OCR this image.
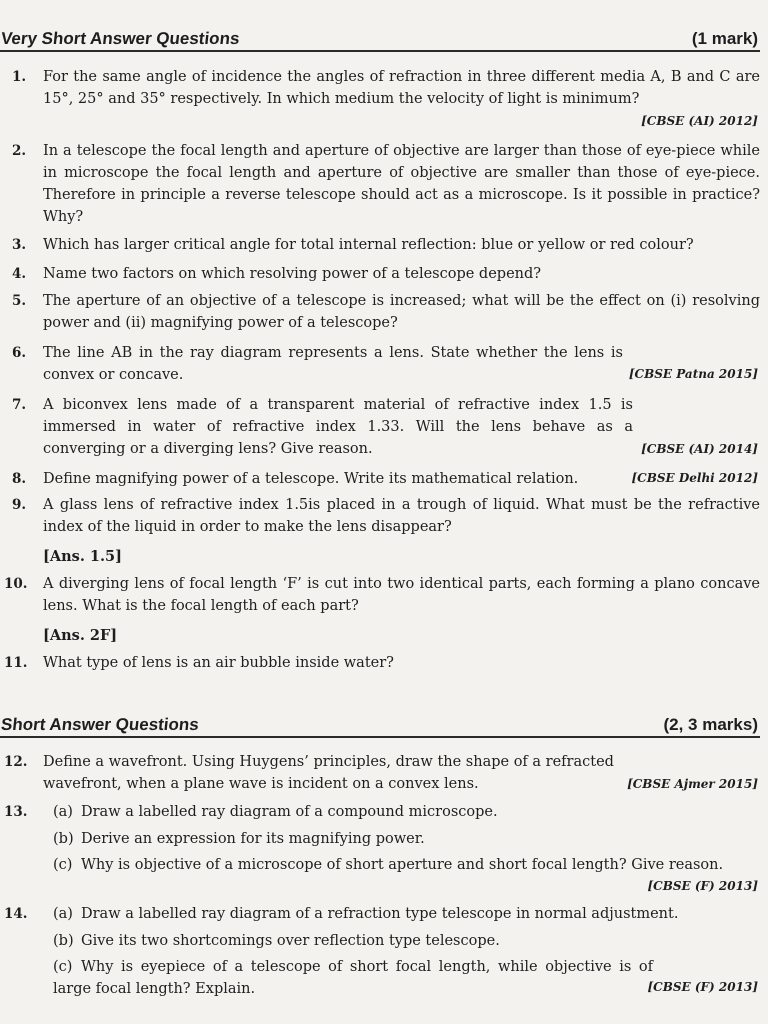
Very Short Answer Questions	(1 mark)
1. For the same angle of incidence the angles of refraction in three different media A, B and C are 15°, 25° and 35° respectively. In which medium the velocity of light is minimum?
[CBSE (AI) 2012]
2. In a telescope the focal length and aperture of objective are larger than those of eye-piece while in microscope the focal length and aperture of objective are smaller than those of eye-piece. Therefore in principle a reverse telescope should act as a microscope. Is it possible in practice? Why?
3. Which has larger critical angle for total internal reflection: blue or yellow or red colour?
4. Name two factors on which resolving power of a telescope depend?
5. The aperture of an objective of a telescope is increased; what will be the effect on (i) resolving power and (ii) magnifying power of a telescope?
6. The line AB in the ray diagram represents a lens. State whether the lens is convex or concave.	[CBSE Patna 2015]
7. A biconvex lens made of a transparent material of refractive index 1.5 is immersed in water of refractive index 1.33. Will the lens behave as a converging or a diverging lens? Give reason.	[CBSE (AI) 2014]
8. Define magnifying power of a telescope. Write its mathematical relation.	[CBSE Delhi 2012]
9. A glass lens of refractive index 1.5is placed in a trough of liquid. What must be the refractive index of the liquid in order to make the lens disappear?
[Ans. 1.5]
10. A diverging lens of focal length ‘F’ is cut into two identical parts, each forming a plano concave lens. What is the focal length of each part?
[Ans. 2F]
11. What type of lens is an air bubble inside water?
Short Answer Questions	(2, 3 marks)
12. Define a wavefront. Using Huygens’ principles, draw the shape of a refracted wavefront, when a plane wave is incident on a convex lens.	[CBSE Ajmer 2015]
13. (a) Draw a labelled ray diagram of a compound microscope.
(b) Derive an expression for its magnifying power.
(c) Why is objective of a microscope of short aperture and short focal length? Give reason.
[CBSE (F) 2013]
14. (a) Draw a labelled ray diagram of a refraction type telescope in normal adjustment.
(b) Give its two shortcomings over reflection type telescope.
(c) Why is eyepiece of a telescope of short focal length, while objective is of large focal length? Explain.	[CBSE (F) 2013]
